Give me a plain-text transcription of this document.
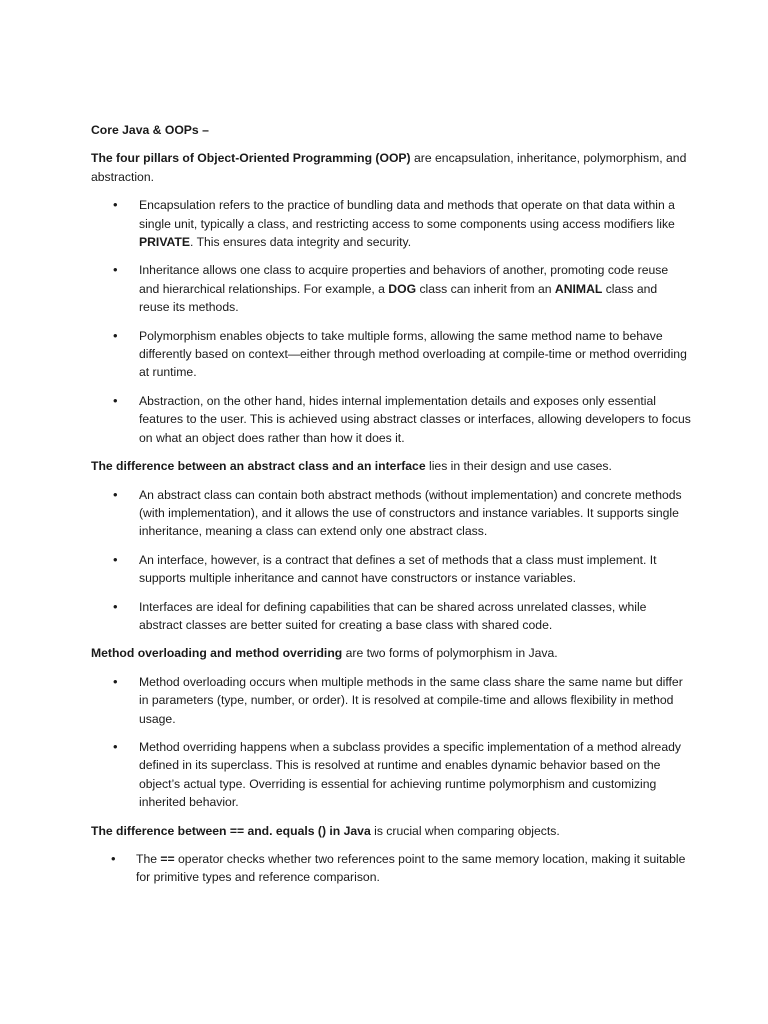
Core Java & OOPs –

The four pillars of Object-Oriented Programming (OOP) are encapsulation, inheritance, polymorphism, and abstraction.

• Encapsulation refers to the practice of bundling data and methods that operate on that data within a single unit, typically a class, and restricting access to some components using access modifiers like PRIVATE. This ensures data integrity and security.
• Inheritance allows one class to acquire properties and behaviors of another, promoting code reuse and hierarchical relationships. For example, a DOG class can inherit from an ANIMAL class and reuse its methods.
• Polymorphism enables objects to take multiple forms, allowing the same method name to behave differently based on context—either through method overloading at compile-time or method overriding at runtime.
• Abstraction, on the other hand, hides internal implementation details and exposes only essential features to the user. This is achieved using abstract classes or interfaces, allowing developers to focus on what an object does rather than how it does it.

The difference between an abstract class and an interface lies in their design and use cases.

• An abstract class can contain both abstract methods (without implementation) and concrete methods (with implementation), and it allows the use of constructors and instance variables. It supports single inheritance, meaning a class can extend only one abstract class.
• An interface, however, is a contract that defines a set of methods that a class must implement. It supports multiple inheritance and cannot have constructors or instance variables.
• Interfaces are ideal for defining capabilities that can be shared across unrelated classes, while abstract classes are better suited for creating a base class with shared code.

Method overloading and method overriding are two forms of polymorphism in Java.

• Method overloading occurs when multiple methods in the same class share the same name but differ in parameters (type, number, or order). It is resolved at compile-time and allows flexibility in method usage.
• Method overriding happens when a subclass provides a specific implementation of a method already defined in its superclass. This is resolved at runtime and enables dynamic behavior based on the object’s actual type. Overriding is essential for achieving runtime polymorphism and customizing inherited behavior.

The difference between == and. equals () in Java is crucial when comparing objects.

• The == operator checks whether two references point to the same memory location, making it suitable for primitive types and reference comparison.
